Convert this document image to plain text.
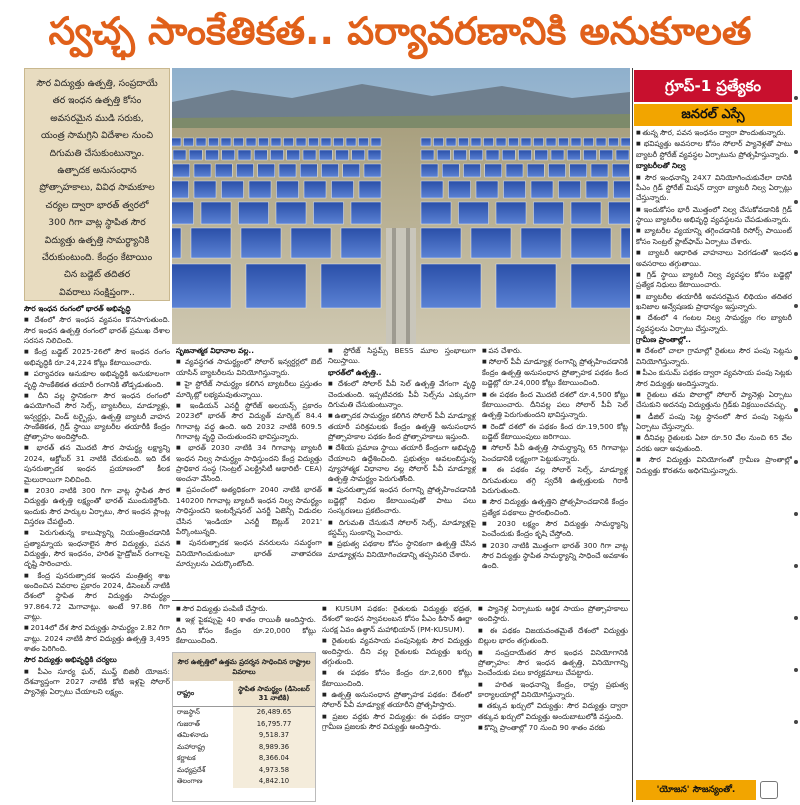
స్వచ్ఛ సాంకేతికత.. పర్యావరణానికి అనుకూలత

సౌర విద్యుత్తు ఉత్పత్తి, సంప్రదాయే

తర ఇంధన ఉత్పత్తి కోసం

అవసరమైన ముడి సరుకు,

యంత్ర సామగ్రిని విదేశాల నుంచి

దిగుమతి చేసుకుంటున్నాం.

ఉత్పాదక అనుసంధాన

ప్రోత్సాహకాలు, వివిధ సామకూల

చర్యల ద్వారా భారత్ త్వరలో

300 గిగా వాట్ల స్థాపిత సౌర

విద్యుత్తు ఉత్పత్తి సామర్థ్యానికి

చేరుకుంటుంది. కేంద్రం కేటాయిం

చిన బడ్జెట్ తదితర

వివరాలు సంక్షిప్తంగా..

గ్రూప్-1 ప్రత్యేకం
జనరల్ ఎస్సే

సౌర ఇంధన రంగంలో భారత్ అభివృద్ధి

■ దేశంలో సౌర ఇంధన వ్యవసం కొనసాగుతుంది. సౌర ఇంధన ఉత్పత్తి రంగంలో భారత్ ప్రముఖ దేశాల సరసన నిలిచింది.

■ కేంద్ర బడ్జెట్ 2025-26లో సౌర ఇంధన రంగం అభివృద్ధికి రూ.24,224 కోట్లు కేటాయించారు.

■ పర్యావరణ అనుకూల అభివృద్ధికి అనుకూలంగా వృద్ధి సాంకేతికత తయారీ రంగానికి తోడ్పడుతుంది.

■ దీని వల్ల స్థానికంగా సౌర ఇంధన రంగంలో ఉపయోగించే సౌర సెల్స్, బ్యాటరీలు, మాడ్యూళ్లు, ఇన్వర్టర్లు, విండ్ టర్బైన్లు, ఉత్పత్తి బ్యాటరీ వాహన సాంకేతికత, గ్రిడ్ స్థాయి బ్యాటరీల తయారీకి కేంద్రం ప్రోత్సాహం అందిస్తోంది.

■ భారత్ తన మొదటి సౌర సామర్థ్య లక్ష్యాన్ని 2024, అక్టోబర్ 31 నాటికి చేరుకుంది. ఇది దేశ పునరుత్పాదక ఇంధన ప్రయాణంలో కీలక మైలురాయిగా నిలిచింది.

■ 2030 నాటికి 300 గిగా వాట్ల స్థాపిత సౌర విద్యుత్తు ఉత్పత్తి లక్ష్యంతో భారత్ ముందుకెళ్తోంది. ఇందుకు సౌర పార్కుల ఏర్పాటు, సౌర ఇంధన ప్లాంట్ల విస్తరణ చేపట్టింది.

■ పెరుగుతున్న కాలుష్యాన్ని నియంత్రించడానికి ప్రత్యామ్నాయ ఇంధనాలైన సౌర విద్యుత్తు, పవన విద్యుత్తు, సౌర ఇంధనం, హరిత హైడ్రోజన్ రంగాలపై దృష్టి సారించారు.

■ కేంద్ర పునరుత్పాదక ఇంధన మంత్రిత్వ శాఖ అందించిన వివరాల ప్రకారం 2024, డిసెంబర్ నాటికి దేశంలో స్థాపిత సౌర విద్యుత్తు సామర్థ్యం 97.864.72 మెగావాట్లు. అంటే 97.86 గిగా వాట్లు.

■ 2014లో దేశ సౌర విద్యుత్తు సామర్థ్యం 2.82 గిగా వాట్లు. 2024 నాటికి సౌర విద్యుత్తు ఉత్పత్తి 3,495 శాతం పెరిగింది.

సౌర విద్యుత్తు అభివృద్ధికి చర్యలు

■ పీఎం సూర్య ఘర్, ముఫ్త్ బిజిలీ యోజన: దేశవ్యాప్తంగా 2027 నాటికి కోటి ఇళ్లపై సోలార్ ప్యానెళ్లు ఏర్పాటు చేయాలని లక్ష్యం.

సృజనాత్మక విధానాల వల్ల..

■ వ్యవస్థగత సామర్థ్యంలో సోలార్ ఇన్వర్టర్లలో బెట్ యాసిన్ బ్యాటరీలను వినియోగిస్తున్నారు.

■ హై స్టోరేజ్ సామర్థ్యం కలిగిన బ్యాటరీలు ప్రస్తుతం మార్కెట్లో లభ్యమవుతున్నాయి.

■ ఇండియన్ ఎనర్జీ స్టోరేజ్ అలయన్స్ ప్రకారం 2023లో భారత్ సౌర విద్యుత్ మార్కెట్ 84.4 గిగావాట్ల వద్ద ఉంది. అది 2032 నాటికి 609.5 గిగావాట్ల వృద్ధి చెందుతుందని భావిస్తున్నారు.

■ భారత్ 2030 నాటికి 34 గిగావాట్ల బ్యాటరీ ఇంధన నిల్వ సామర్థ్యం సాధిస్తుందని కేంద్ర విద్యుత్తు ప్రాధికార సంస్థ (సెంట్రల్ ఎలక్ట్రిసిటీ అథారిటీ- CEA) అంచనా వేసింది.

■ ప్రపంచంలో అత్యధికంగా 2040 నాటికి భారత్ 140200 గిగావాట్ల బ్యాటరీ ఇంధన నిల్వ సామర్థ్యం సాధిస్తుందని ఇంటర్నేషనల్ ఎనర్జీ ఏజెన్సీ విడుదల చేసిన 'ఇండియా ఎనర్జీ ఔట్లుక్ 2021' పేర్కొంటున్నది.

■ పునరుత్పాదక ఇంధన వనరులను సమర్థంగా వినియోగించుకుంటూ భారత్ వాతావరణ మార్పులను ఎదుర్కొంటోంది.

■ స్టోరేజ్ సిస్టమ్స్ BESS మూల స్తంభాలుగా నిలుస్తాయి.

భారత్‌లో ఉత్పత్తి..

■ దేశంలో సోలార్ పీవీ సెల్ ఉత్పత్తి వేగంగా వృద్ధి చెందుతుంది. ఇప్పటివరకు పీవీ సెల్స్‌ను ఎక్కువగా దిగుమతి చేసుకుంటున్నాం.

■ ఉత్పాదక సామర్థ్యం కలిగిన సోలార్ పీవీ మాడ్యూళ్ల తయారీ పరిశ్రమలకు కేంద్రం ఉత్పత్తి అనుసంధాన ప్రోత్సాహకాల పథకం కింద ప్రోత్సాహకాలు ఇస్తుంది.

■ దేశీయ ప్రమాణ స్థాయి తయారీ కేంద్రంగా అభివృద్ధి చేయాలని ఉద్దేశించింది. ప్రభుత్వం అవలంబిస్తున్న వ్యూహాత్మక విధానాల వల్ల సోలార్ పీవీ మాడ్యూళ్ల ఉత్పత్తి సామర్థ్యం పెరుగుతోంది.

■ పునరుత్పాదక ఇంధన రంగాన్ని ప్రోత్సహించడానికి బడ్జెట్లో నిధుల కేటాయింపుతో పాటు పలు సంస్కరణలు ప్రకటించారు.

■ దిగుమతి చేసుకునే సోలార్ సెల్స్, మాడ్యూళ్లపై కస్టమ్స్ సుంకాన్ని పెంచారు.

■ ప్రభుత్వ పథకాల కోసం స్థానికంగా ఉత్పత్తి చేసిన మాడ్యూళ్లను వినియోగించడాన్ని తప్పనిసరి చేశారు.

■ పన చేశారు.

■ సోలార్ పీవీ మాడ్యూళ్ల రంగాన్ని ప్రోత్సహించడానికి కేంద్రం ఉత్పత్తి అనుసంధాన ప్రోత్సాహక పథకం కింద బడ్జెట్లో రూ.24,000 కోట్లు కేటాయించింది.

■ ఈ పథకం కింద మొదటి దశలో రూ.4,500 కోట్లు కేటాయించారు. దీనివల్ల పలు సోలార్ పీవీ సెల్ ఉత్పత్తి పెరుగుతుందని భావిస్తున్నారు.

■ రెండో దశలో ఈ పథకం కింద రూ.19,500 కోట్ల బడ్జెట్ కేటాయింపులు జరిగాయి.

■ సోలార్ పీవీ ఉత్పత్తి సామర్థ్యాన్ని 65 గిగావాట్లు పెంచడానికి లక్ష్యంగా పెట్టుకున్నారు.

■ ఈ పథకం వల్ల సోలార్ సెల్స్, మాడ్యూళ్ల దిగుమతులు తగ్గి స్వదేశీ ఉత్పత్తులకు గిరాకీ పెరుగుతుంది.

■ సౌర విద్యుత్తు ఉత్పత్తిని ప్రోత్సహించడానికి కేంద్రం ప్రత్యేక పథకాలు ప్రారంభించింది.

■ 2030 లక్ష్యం సౌర విద్యుత్తు సామర్థ్యాన్ని పెంచేందుకు కేంద్రం కృషి చేస్తోంది.

■ 2030 నాటికి మొత్తంగా భారత్ 300 గిగా వాట్ల సౌర విద్యుత్తు స్థాపిత సామర్థ్యాన్ని సాధించే అవకాశం ఉంది.

■ తున్న సౌర, పవన ఇంధనం ద్వారా పొందుతున్నారు.

■ భవిష్యత్తు అవసరాల కోసం సోలార్ ప్యానెళ్లతో పాటు బ్యాటరీ స్టోరేజ్ వ్యవస్థల ఏర్పాటును ప్రోత్సహిస్తున్నారు.

బ్యాటరీలతో నిల్వ

■ సౌర ఇంధనాన్ని 24X7 వినియోగించుకునేలా దానికి పీఎం గ్రిడ్ స్టోరేజ్ మిషన్ ద్వారా బ్యాటరీ నిల్వ ఏర్పాట్లు చేస్తున్నారు.

■ ఇందుకోసం భారీ మొత్తంలో నిల్వ చేసుకోవడానికి గ్రిడ్ స్థాయి బ్యాటరీల అభివృద్ధి వ్యవస్థలను చేపడుతున్నారు.

■ బ్యాటరీల వ్యయాన్ని తగ్గించడానికి రిసోర్స్ పాయింట్ కోసం సెంట్రల్ ప్లాట్‌ఫామ్ ఏర్పాటు చేశారు.

■ బ్యాటరీ ఆధారిత వాహనాలు పెరగడంతో ఇంధన అవసరాలు తగ్గుతాయి.

■ గ్రిడ్ స్థాయి బ్యాటరీ నిల్వ వ్యవస్థల కోసం బడ్జెట్లో ప్రత్యేక నిధులు కేటాయించారు.

■ బ్యాటరీల తయారీకి అవసరమైన లిథియం తదితర ఖనిజాల అన్వేషణకు ప్రాధాన్యం ఇస్తున్నారు.

■ దేశంలో 4 గంటల నిల్వ సామర్థ్యం గల బ్యాటరీ వ్యవస్థలను ఏర్పాటు చేస్తున్నారు.

గ్రామీణ ప్రాంతాల్లో..

■ దేశంలో చాలా గ్రామాల్లో రైతులు సౌర పంపు సెట్లను వినియోగిస్తున్నారు.

■ పీఎం కుసుమ్ పథకం ద్వారా వ్యవసాయ పంపు సెట్లకు సౌర విద్యుత్తు అందిస్తున్నారు.

■ రైతులు తమ పొలాల్లో సోలార్ ప్యానెళ్లు ఏర్పాటు చేసుకుని అదనపు విద్యుత్తును గ్రిడ్‌కు విక్రయించవచ్చు.

■ డీజిల్ పంపు సెట్ల స్థానంలో సౌర పంపు సెట్లను ఏర్పాటు చేస్తున్నారు.

■ దీనివల్ల రైతులకు ఏటా రూ.50 వేల నుంచి 65 వేల వరకు ఆదా అవుతుంది.

■ సౌర విద్యుత్తు వినియోగంతో గ్రామీణ ప్రాంతాల్లో విద్యుత్తు కొరతను అధిగమిస్తున్నారు.

■ సౌర విద్యుత్తు పంపిణీ చేస్తారు.

■ ఇళ్ల పైకప్పుపై 40 శాతం రాయితీ అందిస్తారు. దీని కోసం కేంద్రం రూ.20,000 కోట్లు కేటాయించింది.

■ KUSUM పథకం: రైతులకు విద్యుత్తు భద్రత, దేశంలో ఇంధన స్వావలంబన కోసం పీఎం కిసాన్ ఊర్జా సురక్ష ఏవం ఉత్థాన్ మహాభియాన్ (PM-KUSUM).

■ రైతులకు వ్యవసాయ పంపుసెట్లకు సౌర విద్యుత్తు అందిస్తారు. దీని వల్ల రైతులకు విద్యుత్తు ఖర్చు తగ్గుతుంది.

■ ఈ పథకం కోసం కేంద్రం రూ.2,600 కోట్లు కేటాయించింది.

■ ఉత్పత్తి అనుసంధాన ప్రోత్సాహక పథకం: దేశంలో సోలార్ పీవీ మాడ్యూళ్ల తయారీని ప్రోత్సహిస్తారు.

■ ప్రజల వద్దకు సౌర విద్యుత్తు: ఈ పథకం ద్వారా గ్రామీణ ప్రజలకు సౌర విద్యుత్తు అందిస్తారు.

■ ప్యానెళ్ల ఏర్పాటుకు ఆర్థిక సాయం ప్రోత్సాహకాలు అందిస్తారు.

■ ఈ పథకం విజయవంతమైతే దేశంలో విద్యుత్తు బిల్లుల భారం తగ్గుతుంది.

■ సంప్రదాయేతర సౌర ఇంధన వినియోగానికి ప్రోత్సాహం: సౌర ఇంధన ఉత్పత్తి, వినియోగాన్ని పెంచేందుకు పలు కార్యక్రమాలు చేపట్టారు.

■ హరిత ఇంధనాన్ని కేంద్రం, రాష్ట్ర ప్రభుత్వ కార్యాలయాల్లో వినియోగిస్తున్నారు.

■ తక్కువ ఖర్చులో విద్యుత్తు: సౌర విద్యుత్తు ద్వారా తక్కువ ఖర్చులో విద్యుత్తు అందుబాటులోకి వస్తుంది.

■ కొన్ని ప్రాంతాల్లో 70 నుంచి 90 శాతం వరకు

సౌర ఉత్పత్తిలో ఉత్తమ ప్రదర్శన సాధించిన రాష్ట్రాల వివరాలు
రాష్ట్రం	స్థాపిత సామర్థ్యం (డిసెంబర్ 31 నాటికి)
రాజస్థాన్	26,489.65
గుజరాత్	16,795.77
తమిళనాడు	9,518.37
మహారాష్ట్ర	8,989.36
కర్ణాటక	8,366.04
మధ్యప్రదేశ్	4,973.58
తెలంగాణ	4,842.10
'యోజన' సౌజన్యంతో.
